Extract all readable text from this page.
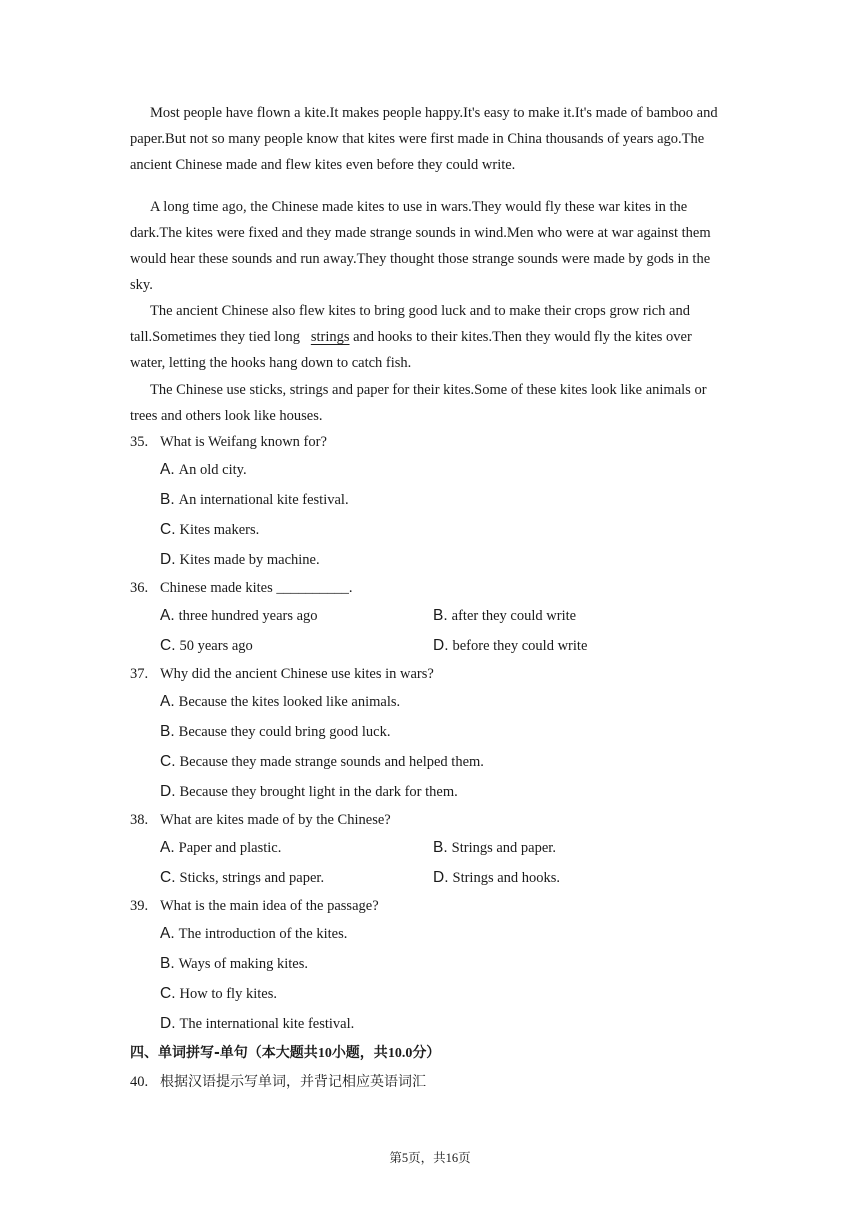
Most people have flown a kite.It makes people happy.It's easy to make it.It's made of bamboo and paper.But not so many people know that kites were first made in China thousands of years ago.The ancient Chinese made and flew kites even before they could write.

A long time ago, the Chinese made kites to use in wars.They would fly these war kites in the dark.The kites were fixed and they made strange sounds in wind.Men who were at war against them would hear these sounds and run away.They thought those strange sounds were made by gods in the sky.

The ancient Chinese also flew kites to bring good luck and to make their crops grow rich and tall.Sometimes they tied long strings and hooks to their kites.Then they would fly the kites over water, letting the hooks hang down to catch fish.

The Chinese use sticks, strings and paper for their kites.Some of these kites look like animals or trees and others look like houses.

35. What is Weifang known for?
A. An old city.
B. An international kite festival.
C. Kites makers.
D. Kites made by machine.
36. Chinese made kites __________.
A. three hundred years ago	B. after they could write
C. 50 years ago	D. before they could write
37. Why did the ancient Chinese use kites in wars?
A. Because the kites looked like animals.
B. Because they could bring good luck.
C. Because they made strange sounds and helped them.
D. Because they brought light in the dark for them.
38. What are kites made of by the Chinese?
A. Paper and plastic.	B. Strings and paper.
C. Sticks, strings and paper.	D. Strings and hooks.
39. What is the main idea of the passage?
A. The introduction of the kites.
B. Ways of making kites.
C. How to fly kites.
D. The international kite festival.
四、单词拼写-单句（本大题共10小题，共10.0分）
40. 根据汉语提示写单词，并背记相应英语词汇
第5页，共16页
